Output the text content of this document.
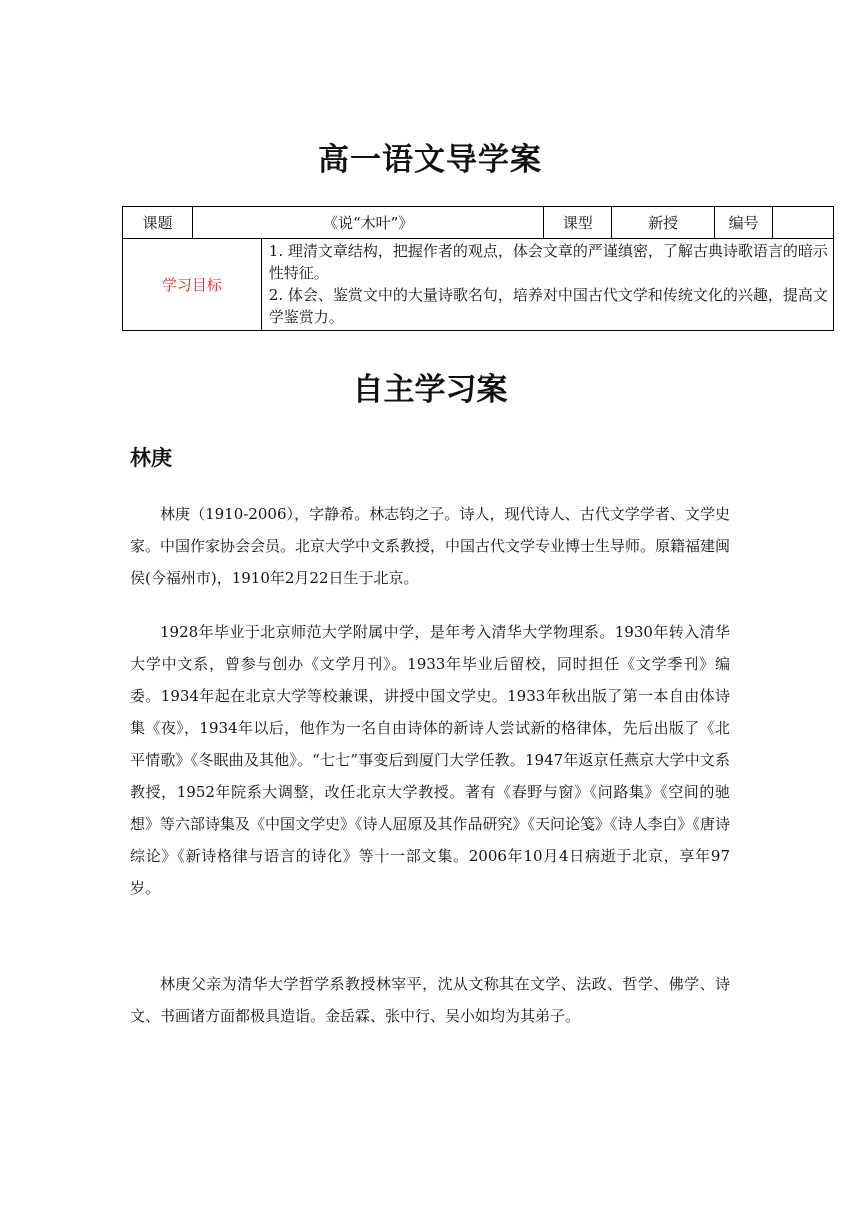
高一语文导学案
课题	《说“木叶”》		课型	新授	编号	
学习目标		1. 理清文章结构，把握作者的观点，体会文章的严谨缜密，了解古典诗歌语言的暗示性特征。
2. 体会、鉴赏文中的大量诗歌名句，培养对中国古代文学和传统文化的兴趣，提高文学鉴赏力。				
自主学习案
林庚

林庚（1910-2006），字静希。林志钧之子。诗人，现代诗人、古代文学学者、文学史家。中国作家协会会员。北京大学中文系教授，中国古代文学专业博士生导师。原籍福建闽侯(今福州市)，1910年2月22日生于北京。

1928年毕业于北京师范大学附属中学，是年考入清华大学物理系。1930年转入清华大学中文系，曾参与创办《文学月刊》。1933年毕业后留校，同时担任《文学季刊》编委。1934年起在北京大学等校兼课，讲授中国文学史。1933年秋出版了第一本自由体诗集《夜》，1934年以后，他作为一名自由诗体的新诗人尝试新的格律体，先后出版了《北平情歌》《冬眠曲及其他》。“七七”事变后到厦门大学任教。1947年返京任燕京大学中文系教授，1952年院系大调整，改任北京大学教授。著有《春野与窗》《问路集》《空间的驰想》等六部诗集及《中国文学史》《诗人屈原及其作品研究》《天问论笺》《诗人李白》《唐诗综论》《新诗格律与语言的诗化》等十一部文集。2006年10月4日病逝于北京，享年97岁。

林庚父亲为清华大学哲学系教授林宰平，沈从文称其在文学、法政、哲学、佛学、诗文、书画诸方面都极具造诣。金岳霖、张中行、吴小如均为其弟子。
